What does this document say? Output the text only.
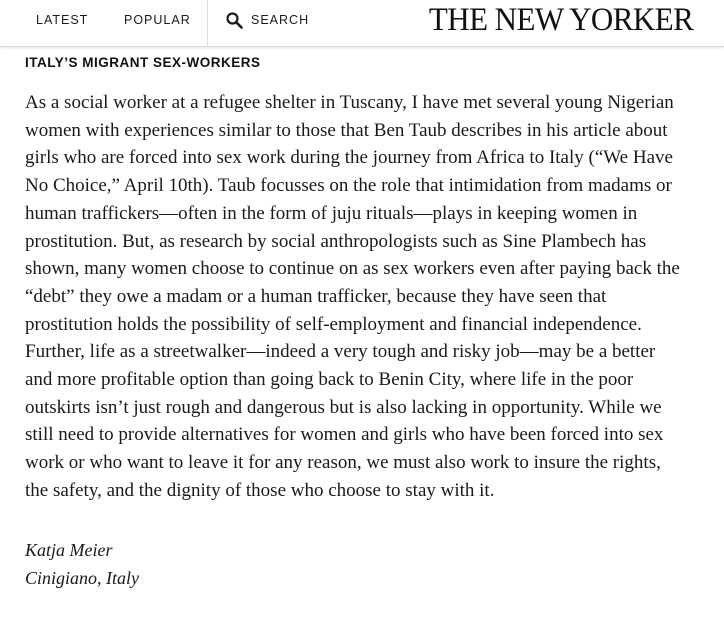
LATEST	POPULAR	SEARCH	THE NEW YORKER
ITALY’S MIGRANT SEX-WORKERS

As a social worker at a refugee shelter in Tuscany, I have met several young Nigerian women with experiences similar to those that Ben Taub describes in his article about girls who are forced into sex work during the journey from Africa to Italy (“We Have No Choice,” April 10th). Taub focusses on the role that intimidation from madams or human traffickers—often in the form of juju rituals—plays in keeping women in prostitution. But, as research by social anthropologists such as Sine Plambech has shown, many women choose to continue on as sex workers even after paying back the “debt” they owe a madam or a human trafficker, because they have seen that prostitution holds the possibility of self-employment and financial independence. Further, life as a streetwalker—indeed a very tough and risky job—may be a better and more profitable option than going back to Benin City, where life in the poor outskirts isn’t just rough and dangerous but is also lacking in opportunity. While we still need to provide alternatives for women and girls who have been forced into sex work or who want to leave it for any reason, we must also work to insure the rights, the safety, and the dignity of those who choose to stay with it.

Katja Meier
Cinigiano, Italy
